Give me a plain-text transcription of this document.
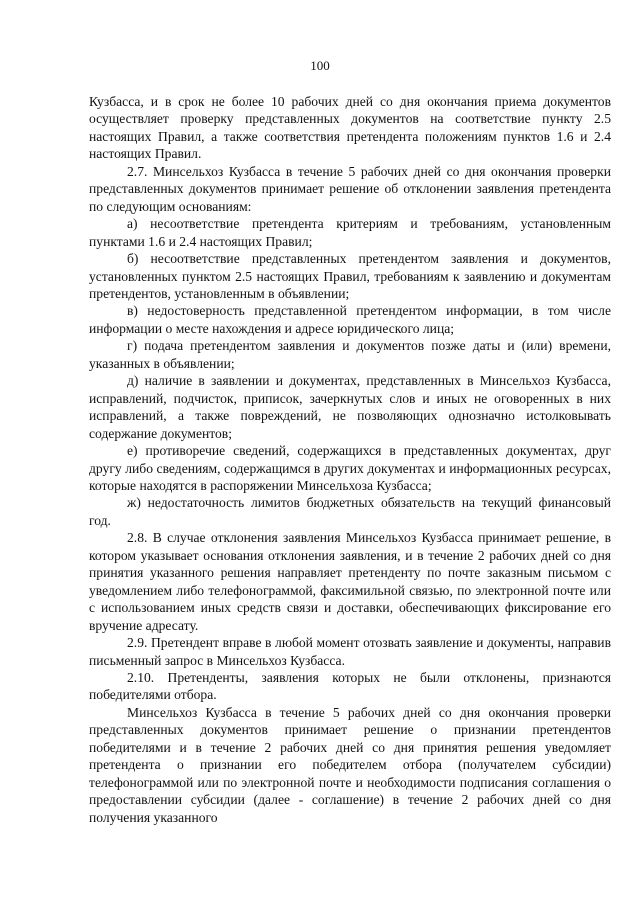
100

Кузбасса, и в срок не более 10 рабочих дней со дня окончания приема документов осуществляет проверку представленных документов на соответствие пункту 2.5 настоящих Правил, а также соответствия претендента положениям пунктов 1.6 и 2.4 настоящих Правил.

2.7. Минсельхоз Кузбасса в течение 5 рабочих дней со дня окончания проверки представленных документов принимает решение об отклонении заявления претендента по следующим основаниям:

а) несоответствие претендента критериям и требованиям, установленным пунктами 1.6 и 2.4 настоящих Правил;

б) несоответствие представленных претендентом заявления и документов, установленных пунктом 2.5 настоящих Правил, требованиям к заявлению и документам претендентов, установленным в объявлении;

в) недостоверность представленной претендентом информации, в том числе информации о месте нахождения и адресе юридического лица;

г) подача претендентом заявления и документов позже даты и (или) времени, указанных в объявлении;

д) наличие в заявлении и документах, представленных в Минсельхоз Кузбасса, исправлений, подчисток, приписок, зачеркнутых слов и иных не оговоренных в них исправлений, а также повреждений, не позволяющих однозначно истолковывать содержание документов;

е) противоречие сведений, содержащихся в представленных документах, друг другу либо сведениям, содержащимся в других документах и информационных ресурсах, которые находятся в распоряжении Минсельхоза Кузбасса;

ж) недостаточность лимитов бюджетных обязательств на текущий финансовый год.

2.8. В случае отклонения заявления Минсельхоз Кузбасса принимает решение, в котором указывает основания отклонения заявления, и в течение 2 рабочих дней со дня принятия указанного решения направляет претенденту по почте заказным письмом с уведомлением либо телефонограммой, факсимильной связью, по электронной почте или с использованием иных средств связи и доставки, обеспечивающих фиксирование его вручение адресату.

2.9. Претендент вправе в любой момент отозвать заявление и документы, направив письменный запрос в Минсельхоз Кузбасса.

2.10. Претенденты, заявления которых не были отклонены, признаются победителями отбора.

Минсельхоз Кузбасса в течение 5 рабочих дней со дня окончания проверки представленных документов принимает решение о признании претендентов победителями и в течение 2 рабочих дней со дня принятия решения уведомляет претендента о признании его победителем отбора (получателем субсидии) телефонограммой или по электронной почте и необходимости подписания соглашения о предоставлении субсидии (далее - соглашение) в течение 2 рабочих дней со дня получения указанного
